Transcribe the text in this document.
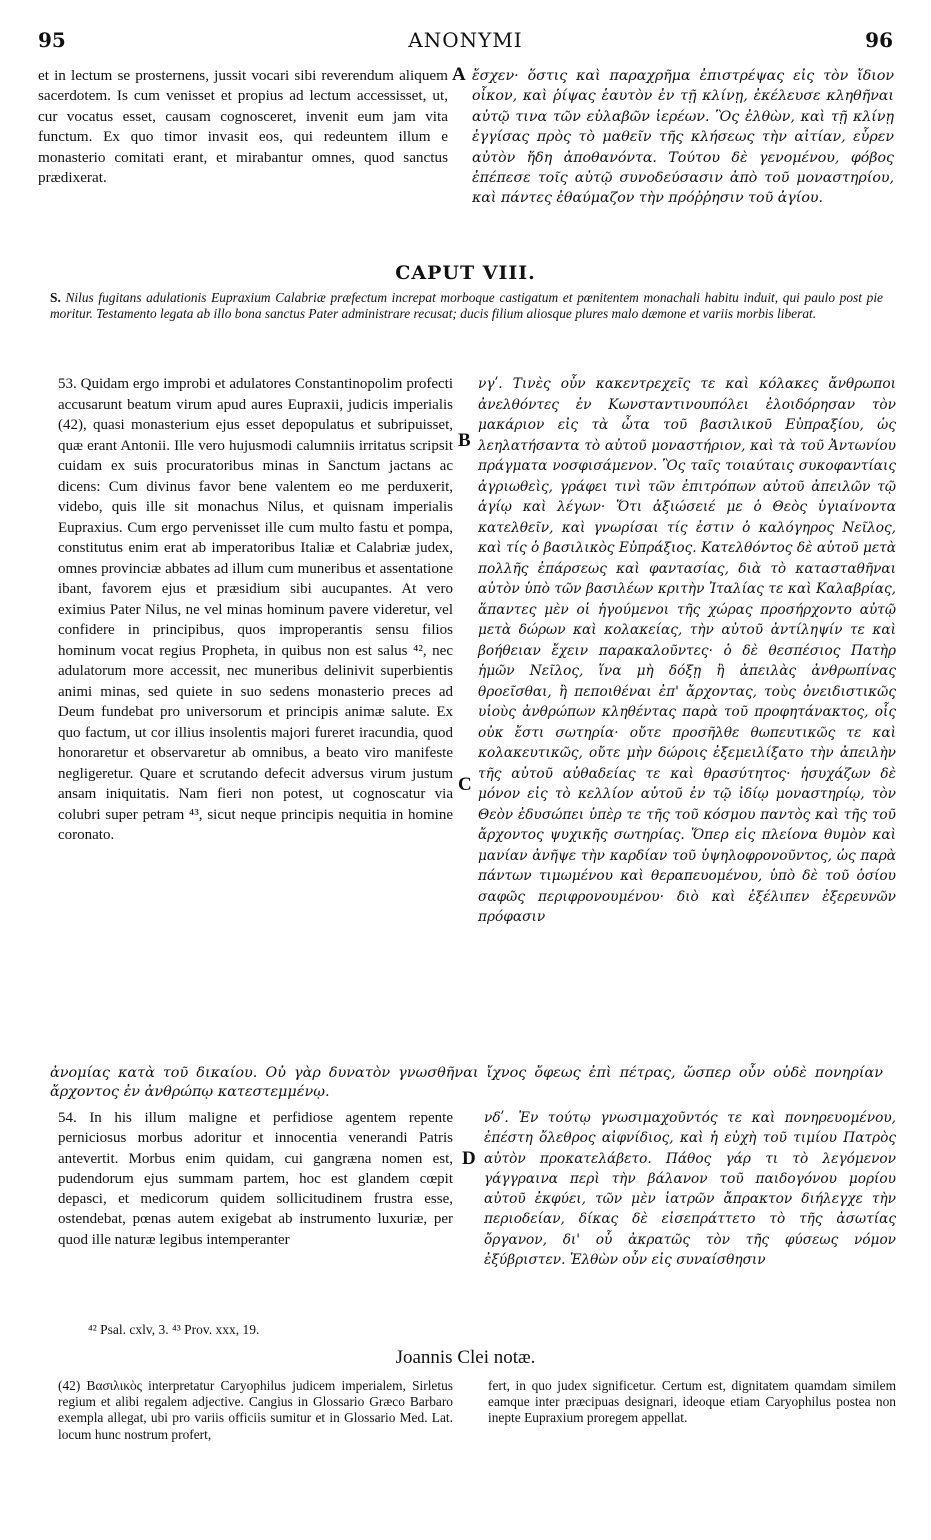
95	ANONYMI	96

et in lectum se prosternens, jussit vocari sibi reverendum aliquem sacerdotem. Is cum venisset et propius ad lectum accessisset, ut, cur vocatus esset, causam cognosceret, invenit eum jam vita functum. Ex quo timor invasit eos, qui redeuntem illum e monasterio comitati erant, et mirabantur omnes, quod sanctus prædixerat.

A ἔσχεν· ὅστις καὶ παραχρῆμα ἐπιστρέψας εἰς τὸν ἴδιον οἶκον, καὶ ῥίψας ἑαυτὸν ἐν τῇ κλίνῃ, ἐκέλευσε κληθῆναι αὐτῷ τινα τῶν εὐλαβῶν ἱερέων. Ὃς ἐλθὼν, καὶ τῇ κλίνῃ ἐγγίσας πρὸς τὸ μαθεῖν τῆς κλήσεως τὴν αἰτίαν, εὗρεν αὐτὸν ἤδη ἀποθανόντα. Τούτου δὲ γενομένου, φόβος ἐπέπεσε τοῖς αὐτῷ συνοδεύσασιν ἀπὸ τοῦ μοναστηρίου, καὶ πάντες ἐθαύμαζον τὴν πρόῤῥησιν τοῦ ἁγίου.

CAPUT VIII.
S. Nilus fugitans adulationis Eupraxium Calabriæ præfectum increpat morboque castigatum et pœnitentem monachali habitu induit, qui paulo post pie moritur. Testamento legata ab illo bona sanctus Pater administrare recusat; ducis filium aliosque plures malo dæmone et variis morbis liberat.

53. Quidam ergo improbi et adulatores Constantinopolim profecti accusarunt beatum virum apud aures Eupraxii, judicis imperialis (42), quasi monasterium ejus esset depopulatus et subripuisset, quæ erant Antonii. Ille vero hujusmodi calumniis irritatus scripsit cuidam ex suis procuratoribus minas in Sanctum jactans ac dicens: Cum divinus favor bene valentem eo me perduxerit, videbo, quis ille sit monachus Nilus, et quisnam imperialis Eupraxius. Cum ergo pervenisset ille cum multo fastu et pompa, constitutus enim erat ab imperatoribus Italiæ et Calabriæ judex, omnes provinciæ abbates ad illum cum muneribus et assentatione ibant, favorem ejus et præsidium sibi aucupantes. At vero eximius Pater Nilus, ne vel minas hominum pavere videretur, vel confidere in principibus, quos improperantis sensu filios hominum vocat regius Propheta, in quibus non est salus ⁴², nec adulatorum more accessit, nec muneribus delinivit superbientis animi minas, sed quiete in suo sedens monasterio preces ad Deum fundebat pro universorum et principis animæ salute. Ex quo factum, ut cor illius insolentis majori fureret iracundia, quod honoraretur et observaretur ab omnibus, a beato viro manifeste negligeretur. Quare et scrutando defecit adversus virum justum ansam iniquitatis. Nam fieri non potest, ut cognoscatur via colubri super petram ⁴³, sicut neque principis nequitia in homine coronato.

B
C

νγʹ. Τινὲς οὖν κακεντρεχεῖς τε καὶ κόλακες ἄνθρωποι ἀνελθόντες ἐν Κωνσταντινουπόλει ἐλοιδόρησαν τὸν μακάριον εἰς τὰ ὦτα τοῦ βασιλικοῦ Εὐπραξίου, ὡς λεηλατήσαντα τὸ αὐτοῦ μοναστήριον, καὶ τὰ τοῦ Ἀντωνίου πράγματα νοσφισάμενον. Ὃς ταῖς τοιαύταις συκοφαντίαις ἀγριωθεὶς, γράφει τινὶ τῶν ἐπιτρόπων αὐτοῦ ἀπειλῶν τῷ ἁγίῳ καὶ λέγων· Ὅτι ἀξιώσειέ με ὁ Θεὸς ὑγιαίνοντα κατελθεῖν, καὶ γνωρίσαι τίς ἐστιν ὁ καλόγηρος Νεῖλος, καὶ τίς ὁ βασιλικὸς Εὐπράξιος. Κατελθόντος δὲ αὐτοῦ μετὰ πολλῆς ἐπάρσεως καὶ φαντασίας, διὰ τὸ κατασταθῆναι αὐτὸν ὑπὸ τῶν βασιλέων κριτὴν Ἰταλίας τε καὶ Καλαβρίας, ἅπαντες μὲν οἱ ἡγούμενοι τῆς χώρας προσήρχοντο αὐτῷ μετὰ δώρων καὶ κολακείας, τὴν αὐτοῦ ἀντίληψίν τε καὶ βοήθειαν ἔχειν παρακαλοῦντες· ὁ δὲ θεσπέσιος Πατὴρ ἡμῶν Νεῖλος, ἵνα μὴ δόξῃ ἢ ἀπειλὰς ἀνθρωπίνας θροεῖσθαι, ἢ πεποιθέναι ἐπ' ἄρχοντας, τοὺς ὀνειδιστικῶς υἱοὺς ἀνθρώπων κληθέντας παρὰ τοῦ προφητάνακτος, οἷς οὐκ ἔστι σωτηρία· οὔτε προσῆλθε θωπευτικῶς τε καὶ κολακευτικῶς, οὔτε μὴν δώροις ἐξεμειλίξατο τὴν ἀπειλὴν τῆς αὐτοῦ αὐθαδείας τε καὶ θρασύτητος· ἡσυχάζων δὲ μόνον εἰς τὸ κελλίον αὐτοῦ ἐν τῷ ἰδίῳ μοναστηρίῳ, τὸν Θεὸν ἐδυσώπει ὑπὲρ τε τῆς τοῦ κόσμου παντὸς καὶ τῆς τοῦ ἄρχοντος ψυχικῆς σωτηρίας. Ὅπερ εἰς πλείονα θυμὸν καὶ μανίαν ἀνῆψε τὴν καρδίαν τοῦ ὑψηλοφρονοῦντος, ὡς παρὰ πάντων τιμωμένου καὶ θεραπευομένου, ὑπὸ δὲ τοῦ ὁσίου σαφῶς περιφρονουμένου· διὸ καὶ ἐξέλιπεν ἐξερευνῶν πρόφασιν

ἀνομίας κατὰ τοῦ δικαίου. Οὐ γὰρ δυνατὸν γνωσθῆναι ἴχνος ὄφεως ἐπὶ πέτρας, ὥσπερ οὖν οὐδὲ πονηρίαν ἄρχοντος ἐν ἀνθρώπῳ κατεστεμμένῳ.

54. In his illum maligne et perfidiose agentem repente perniciosus morbus adoritur et innocentia venerandi Patris antevertit. Morbus enim quidam, cui gangræna nomen est, pudendorum ejus summam partem, hoc est glandem cœpit depasci, et medicorum quidem sollicitudinem frustra esse, ostendebat, pœnas autem exigebat ab instrumento luxuriæ, per quod ille naturæ legibus intemperanter

D

νδʹ. Ἐν τούτῳ γνωσιμαχοῦντός τε καὶ πονηρευομένου, ἐπέστη ὄλεθρος αἰφνίδιος, καὶ ἡ εὐχὴ τοῦ τιμίου Πατρὸς αὐτὸν προκατελάβετο. Πάθος γάρ τι τὸ λεγόμενον γάγγραινα περὶ τὴν βάλανον τοῦ παιδογόνου μορίου αὐτοῦ ἐκφύει, τῶν μὲν ἰατρῶν ἄπρακτον διήλεγχε τὴν περιοδείαν, δίκας δὲ εἰσεπράττετο τὸ τῆς ἀσωτίας ὄργανον, δι' οὗ ἀκρατῶς τὸν τῆς φύσεως νόμον ἐξύβριστεν. Ἐλθὼν οὖν εἰς συναίσθησιν

⁴² Psal. cxlv, 3. ⁴³ Prov. xxx, 19.
Joannis Clei notæ.

(42) Βασιλικὸς interpretatur Caryophilus judicem imperialem, Sirletus regium et alibi regalem adjective. Cangius in Glossario Græco Barbaro exempla allegat, ubi pro variis officiis sumitur et in Glossario Med. Lat. locum hunc nostrum profert,

fert, in quo judex significetur. Certum est, dignitatem quamdam similem eamque inter præcipuas designari, ideoque etiam Caryophilus postea non inepte Eupraxium proregem appellat.
